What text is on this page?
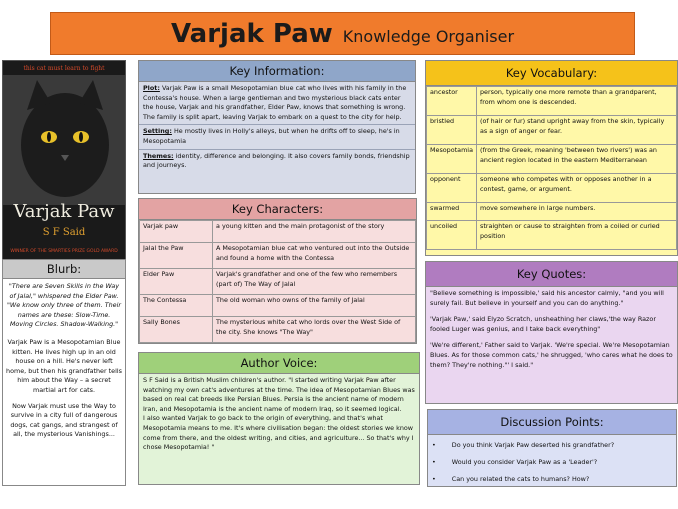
Varjak Paw Knowledge Organiser
this cat must learn to fight
Varjak Paw
S F Said
WINNER OF THE SMARTIES PRIZE GOLD AWARD
Key Information:
Plot: Varjak Paw is a small Mesopotamian blue cat who lives with his family in the Contessa's house. When a large gentleman and two mysterious black cats enter the house, Varjak and his grandfather, Elder Paw, knows that something is wrong. The family is split apart, leaving Varjak to embark on a quest to the city for help.
Setting: He mostly lives in Holly's alleys, but when he drifts off to sleep, he's in Mesopotamia
Themes: identity, difference and belonging. It also covers family bonds, friendship and journeys.
Key Vocabulary:
ancestor	person, typically one more remote than a grandparent, from whom one is descended.
bristled	(of hair or fur) stand upright away from the skin, typically as a sign of anger or fear.
Mesopotamia	(from the Greek, meaning 'between two rivers') was an ancient region located in the eastern Mediterranean
opponent	someone who competes with or opposes another in a contest, game, or argument.
swarmed	move somewhere in large numbers.
uncoiled	straighten or cause to straighten from a coiled or curled position
Key Characters:
Varjak paw	a young kitten and the main protagonist of the story
Jalal the Paw	A Mesopotamian blue cat who ventured out into the Outside and found a home with the Contessa
Elder Paw	Varjak's grandfather and one of the few who remembers (part of) The Way of Jalal
The Contessa	The old woman who owns of the family of Jalal
Sally Bones	The mysterious white cat who lords over the West Side of the city. She knows "The Way"
Blurb:
"There are Seven Skills in the Way of Jalal," whispered the Elder Paw. "We know only three of them. Their names are these: Slow-Time. Moving Circles. Shadow-Walking."
Varjak Paw is a Mesopotamian Blue kitten. He lives high up in an old house on a hill. He's never left home, but then his grandfather tells him about the Way – a secret martial art for cats.
Now Varjak must use the Way to survive in a city full of dangerous dogs, cat gangs, and strangest of all, the mysterious Vanishings...
Key Quotes:
"Believe something is impossible,' said his ancestor calmly, "and you will surely fail. But believe in yourself and you can do anything."
'Varjak Paw,' said Elyzo Scratch, unsheathing her claws,'the way Razor fooled Luger was genius, and I take back everything"
'We're different,' Father said to Varjak. 'We're special. We're Mesopotamian Blues. As for those common cats,' he shrugged, 'who cares what he does to them? They're nothing."' I said."
Author Voice:
S F Said is a British Muslim children's author. "I started writing Varjak Paw after watching my own cat's adventures at the time. The idea of Mesopotamian Blues was based on real cat breeds like Persian Blues. Persia is the ancient name of modern Iran, and Mesopotamia is the ancient name of modern Iraq, so it seemed logical.
I also wanted Varjak to go back to the origin of everything, and that's what Mesopotamia means to me. It's where civilisation began: the oldest stories we know come from there, and the oldest writing, and cities, and agriculture... So that's why I chose Mesopotamia! "
Discussion Points:
•	Do you think Varjak Paw deserted his grandfather?
•	Would you consider Varjak Paw as a 'Leader'?
•	Can you related the cats to humans? How?
